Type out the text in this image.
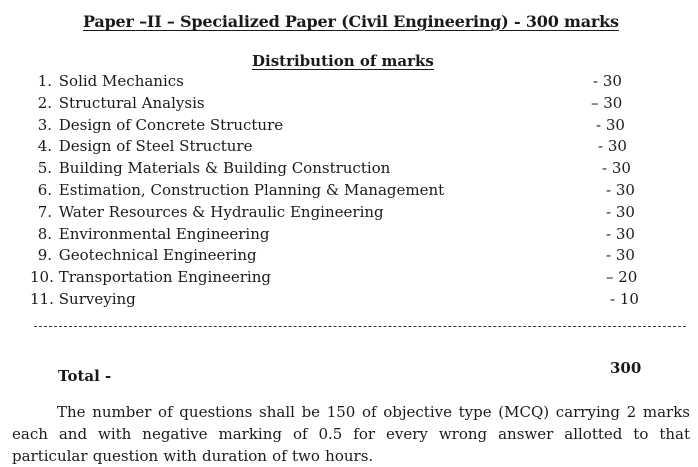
Paper –II – Specialized Paper (Civil Engineering) - 300 marks
Distribution of marks
1. Solid Mechanics	- 30
2. Structural Analysis	– 30
3. Design of Concrete Structure	- 30
4. Design of Steel Structure	- 30
5. Building Materials & Building Construction	- 30
6. Estimation, Construction Planning & Management	- 30
7. Water Resources & Hydraulic Engineering	- 30
8. Environmental Engineering	- 30
9. Geotechnical Engineering	- 30
10. Transportation Engineering	– 20
11. Surveying	- 10
Total -	300

The number of questions shall be 150 of objective type (MCQ) carrying 2 marks each and with negative marking of 0.5 for every wrong answer allotted to that particular question with duration of two hours.
